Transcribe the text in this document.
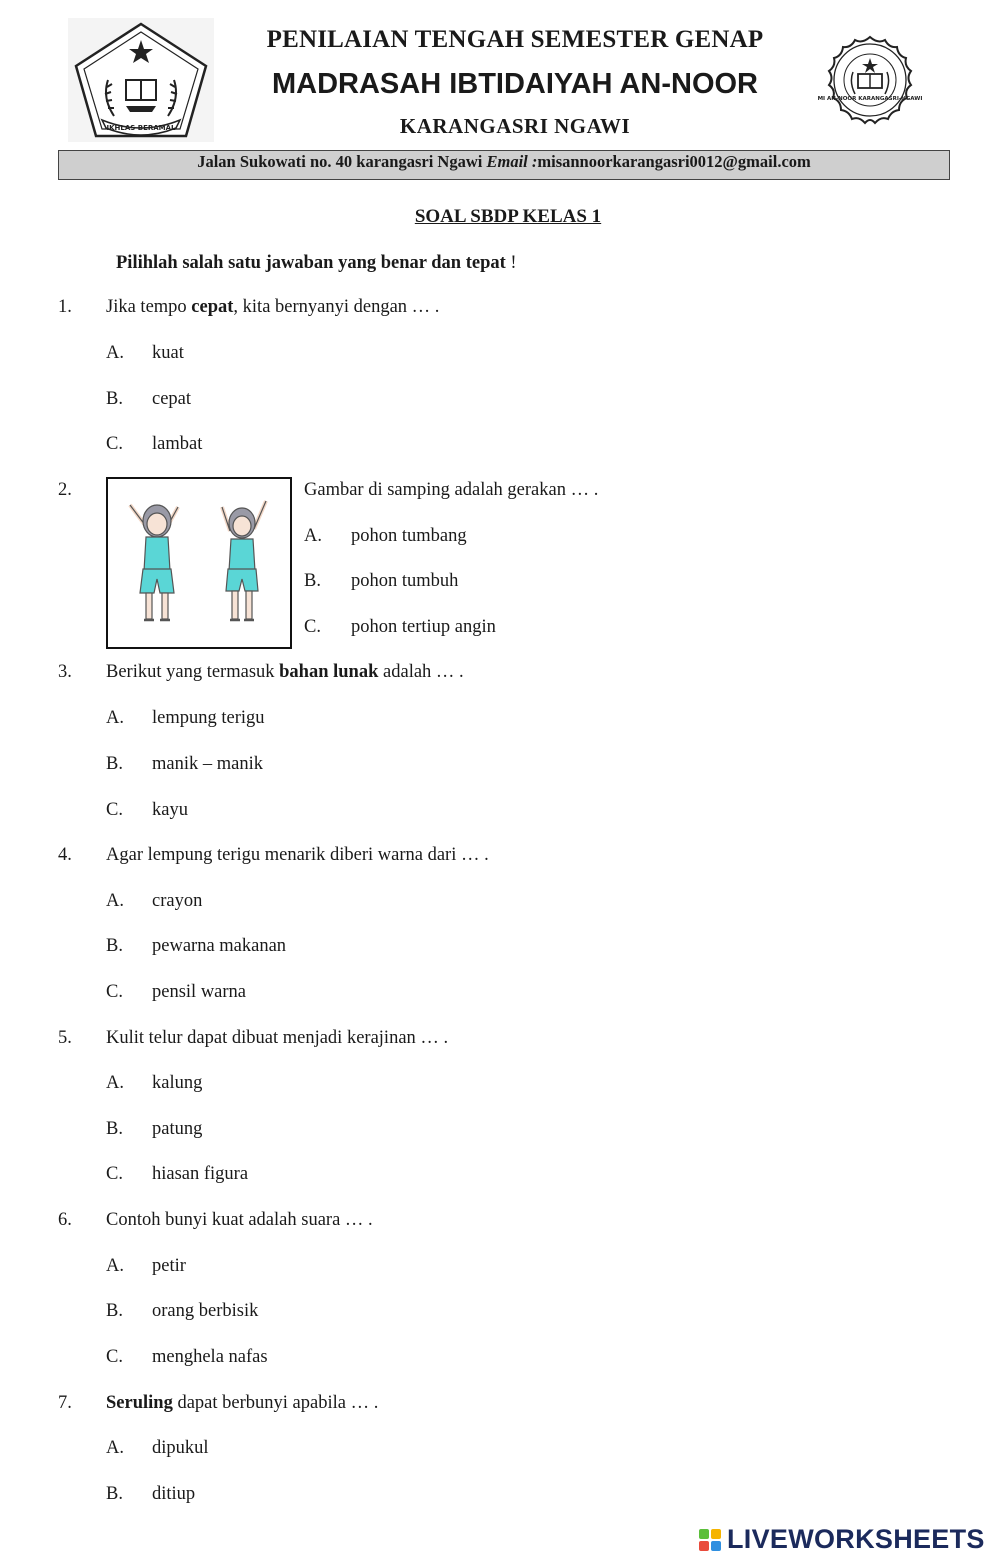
IKHLAS BERAMAL
PENILAIAN TENGAH SEMESTER GENAP
MADRASAH IBTIDAIYAH AN-NOOR
KARANGASRI NGAWI
MI AN-NOOR KARANGASRI-NGAWI
Jalan Sukowati no. 40 karangasri Ngawi Email :misannoorkarangasri0012@gmail.com
SOAL SBDP KELAS 1
Pilihlah salah satu jawaban yang benar dan tepat !
1. Jika tempo cepat, kita bernyanyi dengan … .
A. kuat
B. cepat
C. lambat
2.	Gambar di samping adalah gerakan … .
A. pohon tumbang
B. pohon tumbuh
C. pohon tertiup angin
3. Berikut yang termasuk bahan lunak adalah … .
A. lempung terigu
B. manik – manik
C. kayu
4. Agar lempung terigu menarik diberi warna dari … .
A. crayon
B. pewarna makanan
C. pensil warna
5. Kulit telur dapat dibuat menjadi kerajinan … .
A. kalung
B. patung
C. hiasan figura
6. Contoh bunyi kuat adalah suara … .
A. petir
B. orang berbisik
C. menghela nafas
7. Seruling dapat berbunyi apabila … .
A. dipukul
B. ditiup
LIVEWORKSHEETS
